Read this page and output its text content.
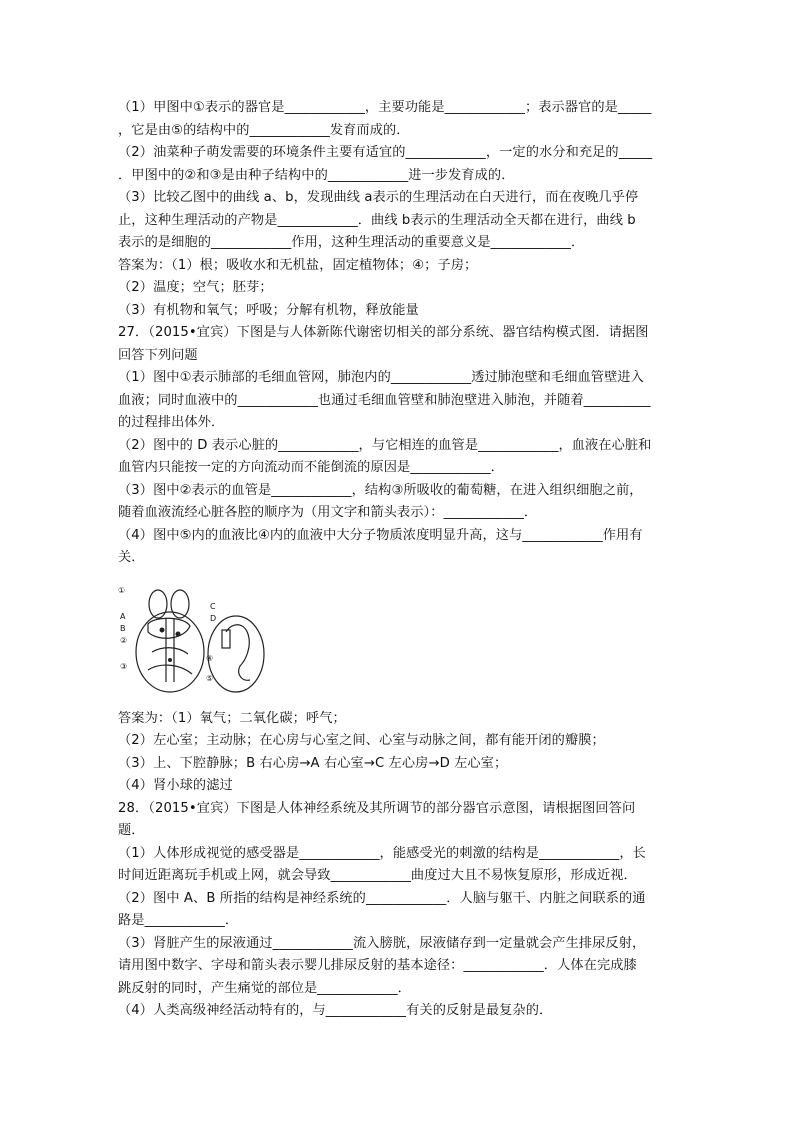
（1）甲图中①表示的器官是____________，主要功能是____________；表示器官的是_____
，它是由⑤的结构中的____________发育而成的．
（2）油菜种子萌发需要的环境条件主要有适宜的____________，一定的水分和充足的_____
．甲图中的②和③是由种子结构中的____________进一步发育成的．
（3）比较乙图中的曲线 a、b，发现曲线 a表示的生理活动在白天进行，而在夜晚几乎停
止，这种生理活动的产物是____________．曲线 b表示的生理活动全天都在进行，曲线 b
表示的是细胞的____________作用，这种生理活动的重要意义是____________．
答案为：（1）根；吸收水和无机盐，固定植物体；④；子房；
（2）温度；空气；胚芽；
（3）有机物和氧气；呼吸；分解有机物，释放能量
27．（2015•宜宾）下图是与人体新陈代谢密切相关的部分系统、器官结构模式图．请据图
回答下列问题
（1）图中①表示肺部的毛细血管网，肺泡内的____________透过肺泡壁和毛细血管壁进入
血液；同时血液中的____________也通过毛细血管壁和肺泡壁进入肺泡，并随着__________
的过程排出体外．
（2）图中的 D 表示心脏的____________，与它相连的血管是____________，血液在心脏和
血管内只能按一定的方向流动而不能倒流的原因是____________．
（3）图中②表示的血管是____________，结构③所吸收的葡萄糖，在进入组织细胞之前，
随着血液流经心脏各腔的顺序为（用文字和箭头表示）：____________．
（4）图中⑤内的血液比④内的血液中大分子物质浓度明显升高，这与____________作用有
关．
①
A
B
C
D
②
③
④
⑤
答案为：（1）氧气；二氧化碳；呼气；
（2）左心室；主动脉；在心房与心室之间、心室与动脉之间，都有能开闭的瓣膜；
（3）上、下腔静脉；B 右心房→A 右心室→C 左心房→D 左心室；
（4）肾小球的滤过
28．（2015•宜宾）下图是人体神经系统及其所调节的部分器官示意图，请根据图回答问
题．
（1）人体形成视觉的感受器是____________，能感受光的刺激的结构是____________，长
时间近距离玩手机或上网，就会导致____________曲度过大且不易恢复原形，形成近视．
（2）图中 A、B 所指的结构是神经系统的____________．人脑与躯干、内脏之间联系的通
路是____________．
（3）肾脏产生的尿液通过____________流入膀胱，尿液储存到一定量就会产生排尿反射，
请用图中数字、字母和箭头表示婴儿排尿反射的基本途径：____________．人体在完成膝
跳反射的同时，产生痛觉的部位是____________．
（4）人类高级神经活动特有的，与____________有关的反射是最复杂的．
